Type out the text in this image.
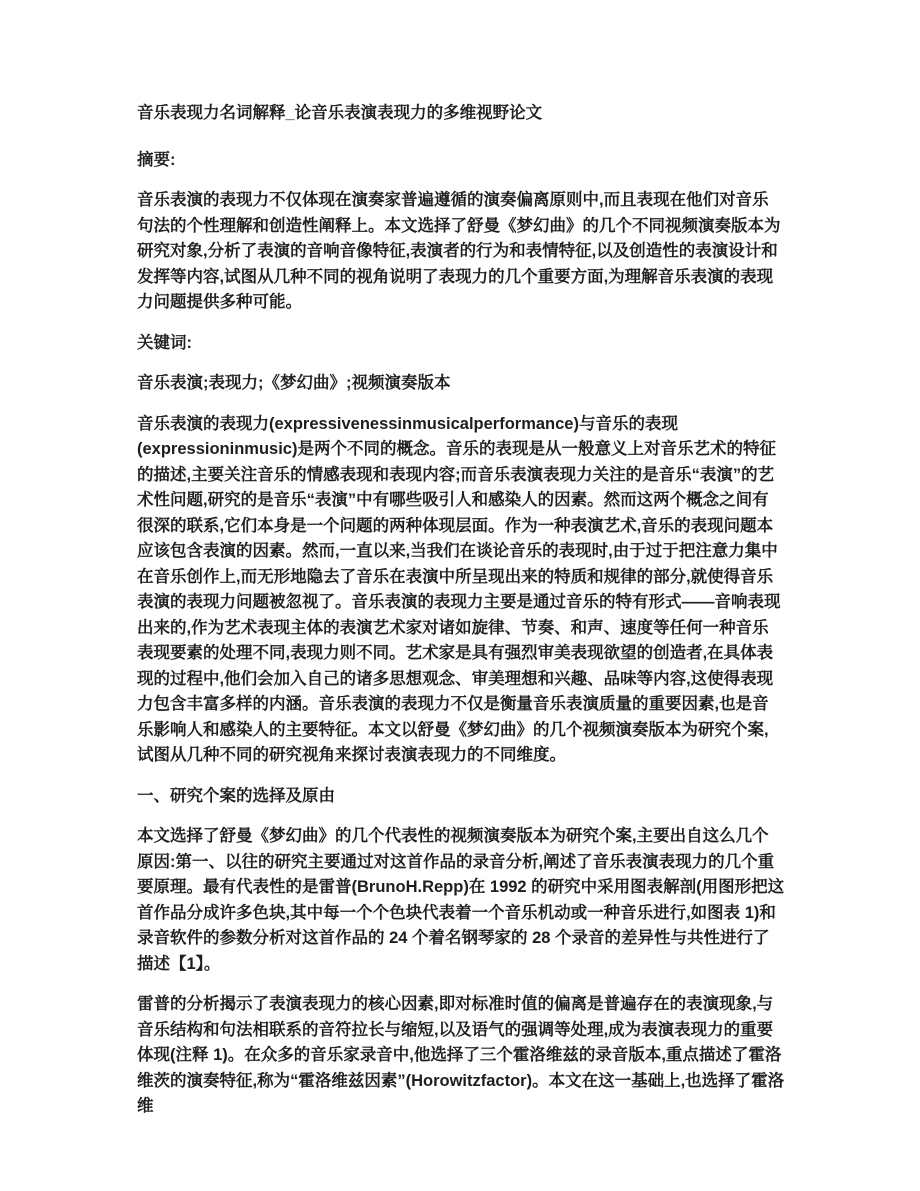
音乐表现力名词解释_论音乐表演表现力的多维视野论文

摘要:

音乐表演的表现力不仅体现在演奏家普遍遵循的演奏偏离原则中,而且表现在他们对音乐句法的个性理解和创造性阐释上。本文选择了舒曼《梦幻曲》的几个不同视频演奏版本为研究对象,分析了表演的音响音像特征,表演者的行为和表情特征,以及创造性的表演设计和发挥等内容,试图从几种不同的视角说明了表现力的几个重要方面,为理解音乐表演的表现力问题提供多种可能。

关键词:

音乐表演;表现力;《梦幻曲》;视频演奏版本

音乐表演的表现力(expressivenessinmusicalperformance)与音乐的表现(expressioninmusic)是两个不同的概念。音乐的表现是从一般意义上对音乐艺术的特征的描述,主要关注音乐的情感表现和表现内容;而音乐表演表现力关注的是音乐“表演”的艺术性问题,研究的是音乐“表演”中有哪些吸引人和感染人的因素。然而这两个概念之间有很深的联系,它们本身是一个问题的两种体现层面。作为一种表演艺术,音乐的表现问题本应该包含表演的因素。然而,一直以来,当我们在谈论音乐的表现时,由于过于把注意力集中在音乐创作上,而无形地隐去了音乐在表演中所呈现出来的特质和规律的部分,就使得音乐表演的表现力问题被忽视了。音乐表演的表现力主要是通过音乐的特有形式——音响表现出来的,作为艺术表现主体的表演艺术家对诸如旋律、节奏、和声、速度等任何一种音乐表现要素的处理不同,表现力则不同。艺术家是具有强烈审美表现欲望的创造者,在具体表现的过程中,他们会加入自己的诸多思想观念、审美理想和兴趣、品味等内容,这使得表现力包含丰富多样的内涵。音乐表演的表现力不仅是衡量音乐表演质量的重要因素,也是音乐影响人和感染人的主要特征。本文以舒曼《梦幻曲》的几个视频演奏版本为研究个案,试图从几种不同的研究视角来探讨表演表现力的不同维度。

一、研究个案的选择及原由

本文选择了舒曼《梦幻曲》的几个代表性的视频演奏版本为研究个案,主要出自这么几个原因:第一、以往的研究主要通过对这首作品的录音分析,阐述了音乐表演表现力的几个重要原理。最有代表性的是雷普(BrunoH.Repp)在 1992 的研究中采用图表解剖(用图形把这首作品分成许多色块,其中每一个个色块代表着一个音乐机动或一种音乐进行,如图表 1)和录音软件的参数分析对这首作品的 24 个着名钢琴家的 28 个录音的差异性与共性进行了描述【1】。

雷普的分析揭示了表演表现力的核心因素,即对标准时值的偏离是普遍存在的表演现象,与音乐结构和句法相联系的音符拉长与缩短,以及语气的强调等处理,成为表演表现力的重要体现(注释 1)。在众多的音乐家录音中,他选择了三个霍洛维兹的录音版本,重点描述了霍洛维茨的演奏特征,称为“霍洛维兹因素”(Horowitzfactor)。本文在这一基础上,也选择了霍洛维
